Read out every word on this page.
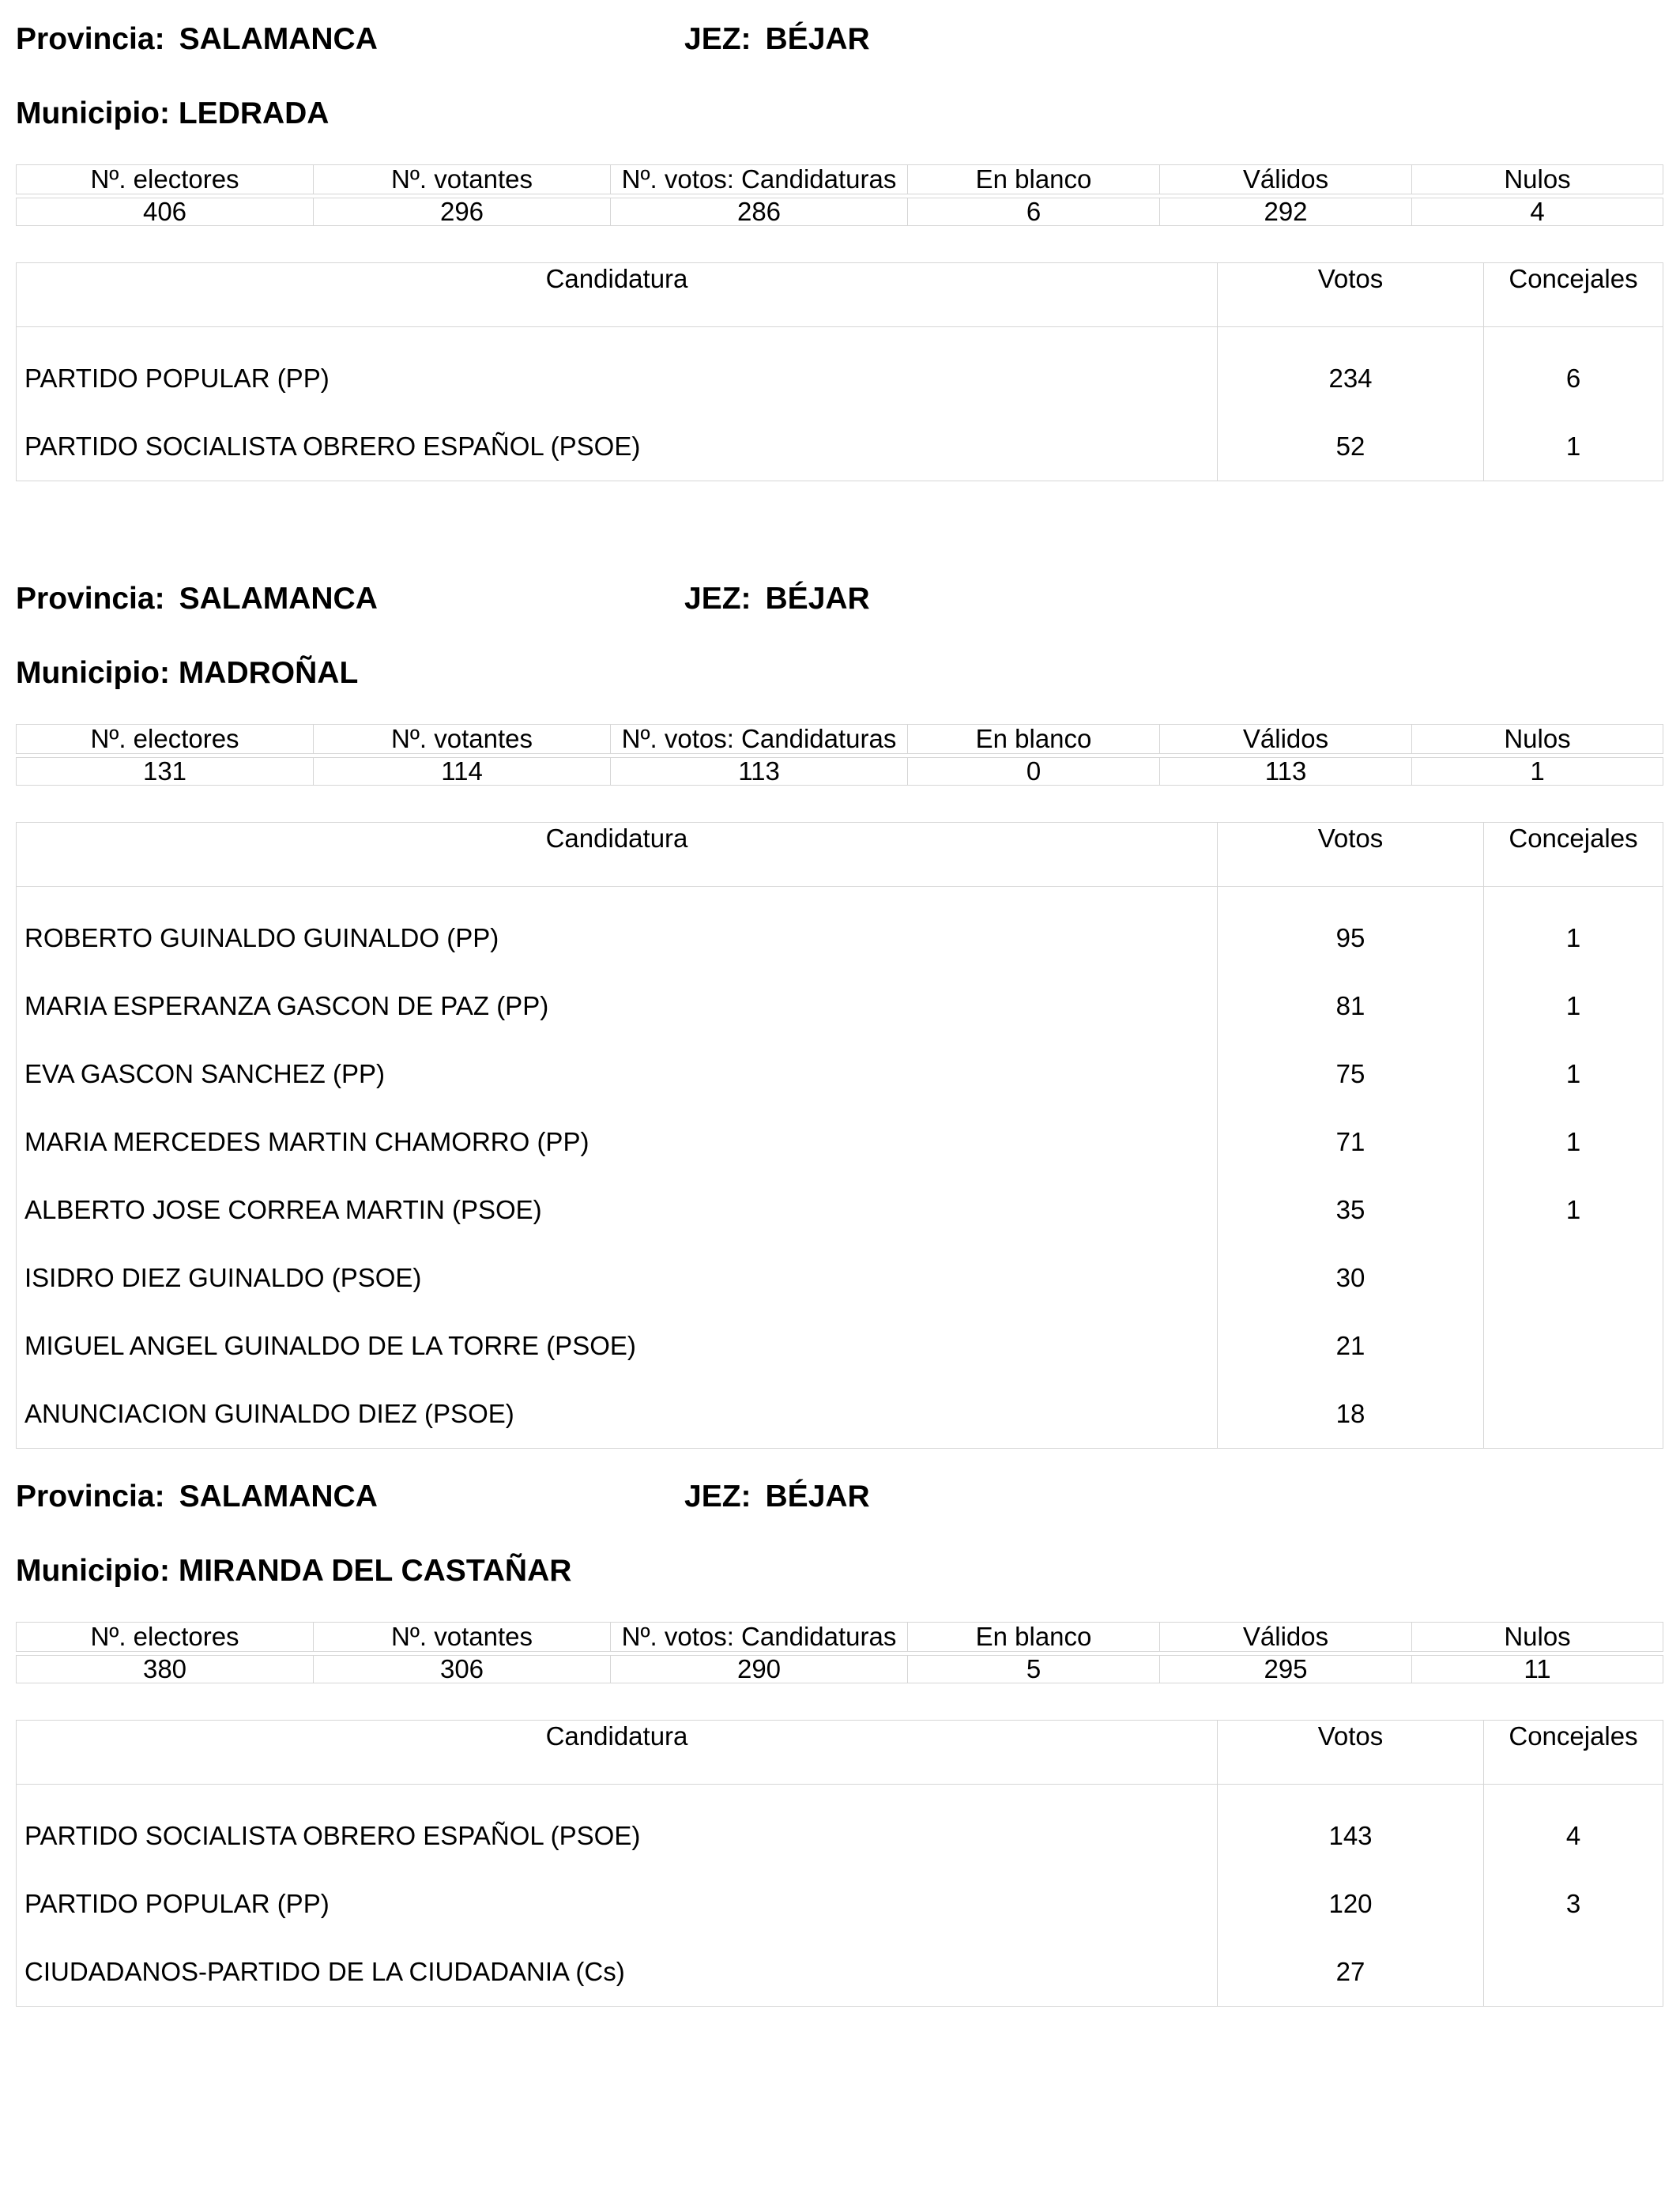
Provincia: SALAMANCA	JEZ: BÉJAR
Municipio: LEDRADA
Nº. electores	Nº. votantes	Nº. votos: Candidaturas	En blanco	Válidos	Nulos

406	296	286	6	292	4
Candidatura	Votos	Concejales

PARTIDO POPULAR (PP)	234	6
PARTIDO SOCIALISTA OBRERO ESPAÑOL (PSOE)	52	1
Provincia: SALAMANCA	JEZ: BÉJAR
Municipio: MADROÑAL
Nº. electores	Nº. votantes	Nº. votos: Candidaturas	En blanco	Válidos	Nulos

131	114	113	0	113	1
Candidatura	Votos	Concejales

ROBERTO GUINALDO GUINALDO (PP)	95	1
MARIA ESPERANZA GASCON DE PAZ (PP)	81	1
EVA GASCON SANCHEZ (PP)	75	1
MARIA MERCEDES MARTIN CHAMORRO (PP)	71	1
ALBERTO JOSE CORREA MARTIN (PSOE)	35	1
ISIDRO DIEZ GUINALDO (PSOE)	30	
MIGUEL ANGEL GUINALDO DE LA TORRE (PSOE)	21	
ANUNCIACION GUINALDO DIEZ (PSOE)	18	
Provincia: SALAMANCA	JEZ: BÉJAR
Municipio: MIRANDA DEL CASTAÑAR
Nº. electores	Nº. votantes	Nº. votos: Candidaturas	En blanco	Válidos	Nulos

380	306	290	5	295	11
Candidatura	Votos	Concejales

PARTIDO SOCIALISTA OBRERO ESPAÑOL (PSOE)	143	4
PARTIDO POPULAR (PP)	120	3
CIUDADANOS-PARTIDO DE LA CIUDADANIA (Cs)	27	
